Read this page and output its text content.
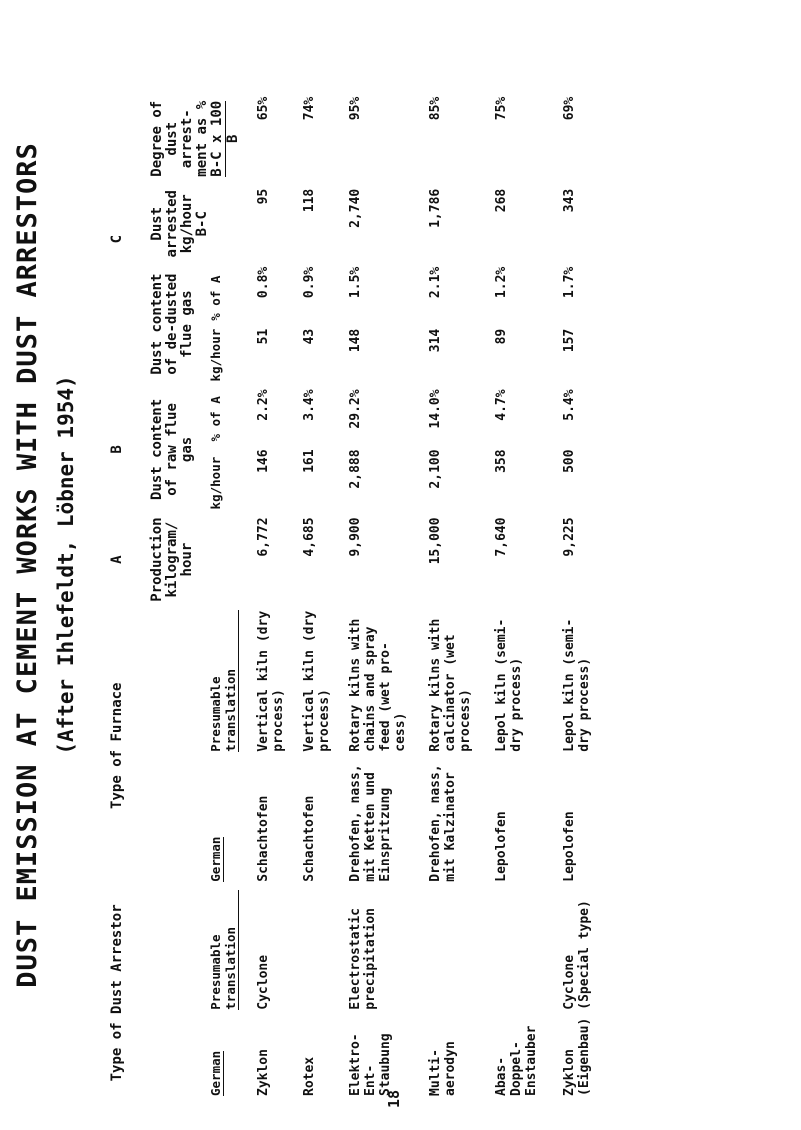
DUST EMISSION AT CEMENT WORKS WITH DUST ARRESTORS (After Ihlefeldt, Löbner 1954)
Type of Dust Arrestor		Type of Furnace		A	B		C			
				Production kilogram/ hour	Dust content of raw flue gas		Dust content of de-dusted flue gas		Dust arrested kg/hour B-C	Degree of dust arrest- ment as % B-C x 100 B

German	Presumable translation	German	Presumable translation		kg/hour	% of A	kg/hour	% of A		
Zyklon	Cyclone	Schachtofen	Vertical kiln (dry process)	6,772	146	2.2%	51	0.8%	95	65%
Rotex		Schachtofen	Vertical kiln (dry process)	4,685	161	3.4%	43	0.9%	118	74%
Elektro- Ent- Staubung	Electrostatic precipitation	Drehofen, nass, mit Ketten und Einspritzung	Rotary kilns with chains and spray feed (wet pro- cess)	9,900	2,888	29.2%	148	1.5%	2,740	95%
Multi- aerodyn		Drehofen, nass, mit Kalzinator	Rotary kilns with calcinator (wet process)	15,000	2,100	14.0%	314	2.1%	1,786	85%
Abas- Doppel- Enstauber		Lepolofen	Lepol kiln (semi-dry process)	7,640	358	4.7%	89	1.2%	268	75%
Zyklon (Eigenbau)	Cyclone (Special type)	Lepolofen	Lepol kiln (semi-dry process)	9,225	500	5.4%	157	1.7%	343	69%
18
